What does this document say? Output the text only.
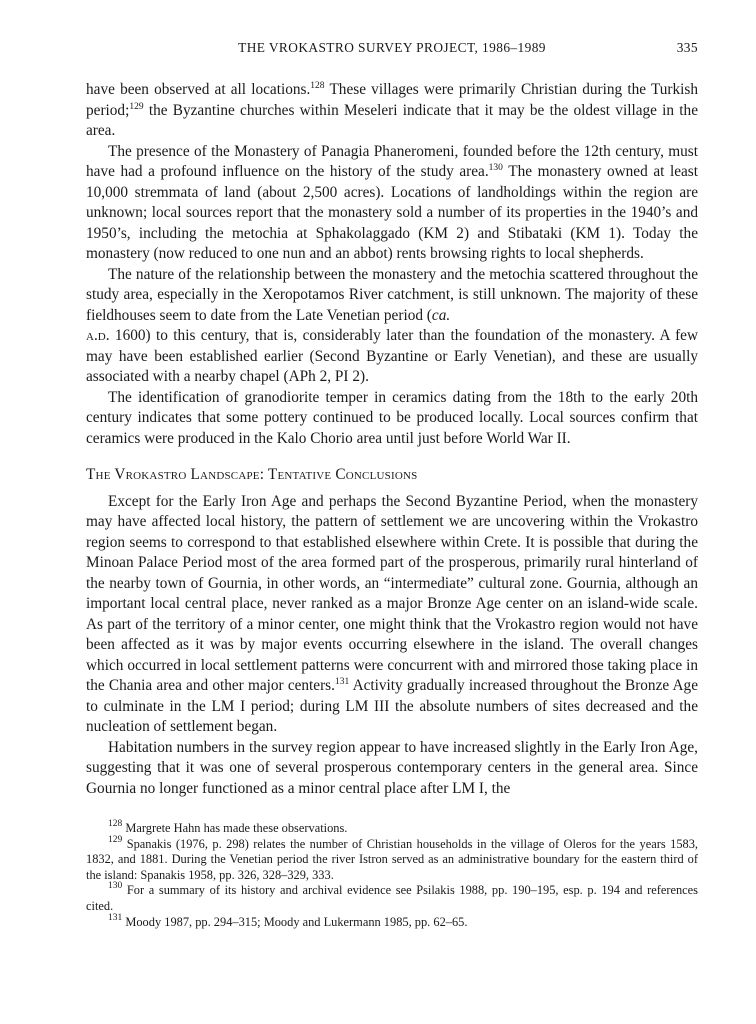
THE VROKASTRO SURVEY PROJECT, 1986–1989	335

have been observed at all locations.$^{128}$ These villages were primarily Christian during the Turkish period;$^{129}$ the Byzantine churches within Meseleri indicate that it may be the oldest village in the area.

The presence of the Monastery of Panagia Phaneromeni, founded before the 12th century, must have had a profound influence on the history of the study area.$^{130}$ The monastery owned at least 10,000 stremmata of land (about 2,500 acres). Locations of landholdings within the region are unknown; local sources report that the monastery sold a number of its properties in the 1940’s and 1950’s, including the metochia at Sphakolaggado (KM 2) and Stibataki (KM 1). Today the monastery (now reduced to one nun and an abbot) rents browsing rights to local shepherds.

The nature of the relationship between the monastery and the metochia scattered throughout the study area, especially in the Xeropotamos River catchment, is still unknown. The majority of these fieldhouses seem to date from the Late Venetian period (ca.
a.d. 1600) to this century, that is, considerably later than the foundation of the monastery. A few may have been established earlier (Second Byzantine or Early Venetian), and these are usually associated with a nearby chapel (APh 2, PI 2).

The identification of granodiorite temper in ceramics dating from the 18th to the early 20th century indicates that some pottery continued to be produced locally. Local sources confirm that ceramics were produced in the Kalo Chorio area until just before World War II.

The Vrokastro Landscape: Tentative Conclusions

Except for the Early Iron Age and perhaps the Second Byzantine Period, when the monastery may have affected local history, the pattern of settlement we are uncovering within the Vrokastro region seems to correspond to that established elsewhere within Crete. It is possible that during the Minoan Palace Period most of the area formed part of the prosperous, primarily rural hinterland of the nearby town of Gournia, in other words, an “intermediate” cultural zone. Gournia, although an important local central place, never ranked as a major Bronze Age center on an island-wide scale. As part of the territory of a minor center, one might think that the Vrokastro region would not have been affected as it was by major events occurring elsewhere in the island. The overall changes which occurred in local settlement patterns were concurrent with and mirrored those taking place in the Chania area and other major centers.$^{131}$ Activity gradually increased throughout the Bronze Age to culminate in the LM I period; during LM III the absolute numbers of sites decreased and the nucleation of settlement began.

Habitation numbers in the survey region appear to have increased slightly in the Early Iron Age, suggesting that it was one of several prosperous contemporary centers in the general area. Since Gournia no longer functioned as a minor central place after LM I, the

$^{128}$ Margrete Hahn has made these observations.

$^{129}$ Spanakis (1976, p. 298) relates the number of Christian households in the village of Oleros for the years 1583, 1832, and 1881. During the Venetian period the river Istron served as an administrative boundary for the eastern third of the island: Spanakis 1958, pp. 326, 328–329, 333.

$^{130}$ For a summary of its history and archival evidence see Psilakis 1988, pp. 190–195, esp. p. 194 and references cited.

$^{131}$ Moody 1987, pp. 294–315; Moody and Lukermann 1985, pp. 62–65.
